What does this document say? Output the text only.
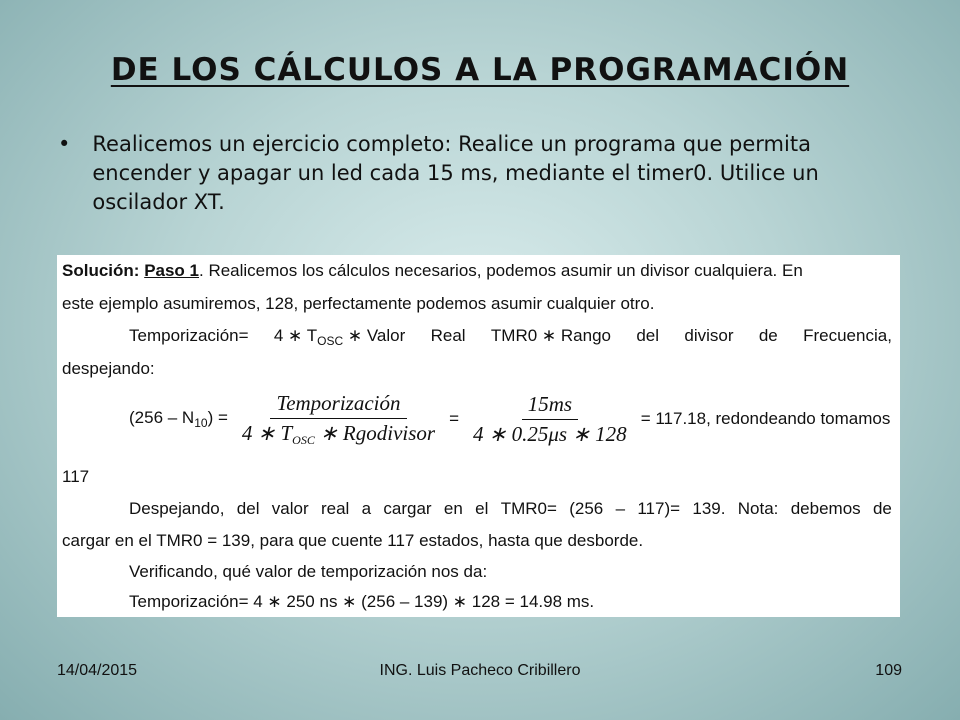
DE LOS CÁLCULOS A LA PROGRAMACIÓN
• Realicemos un ejercicio completo: Realice un programa que permita encender y apagar un led cada 15 ms, mediante el timer0. Utilice un oscilador XT.
Solución: Paso 1. Realicemos los cálculos necesarios, podemos asumir un divisor cualquiera. En
este ejemplo asumiremos, 128, perfectamente podemos asumir cualquier otro.
Temporización= 4 ∗ $T_{OSC}$ ∗ Valor Real TMR0 ∗ Rango del divisor de Frecuencia,
despejando:
$(256 - N_{10}) = \frac{\text{Temporización}}{4 ∗ T_{OSC} ∗ Rgodivisor} = \frac{15ms}{4 ∗ 0.25\mu s ∗ 128} = 117.18$, redondeando tomamos
117
Despejando, del valor real a cargar en el TMR0= (256 – 117)= 139. Nota: debemos de
cargar en el TMR0 = 139, para que cuente 117 estados, hasta que desborde.
Verificando, qué valor de temporización nos da:
Temporización= 4 ∗ 250 ns ∗ (256 – 139) ∗ 128 = 14.98 ms.
14/04/2015	ING. Luis Pacheco Cribillero	109
